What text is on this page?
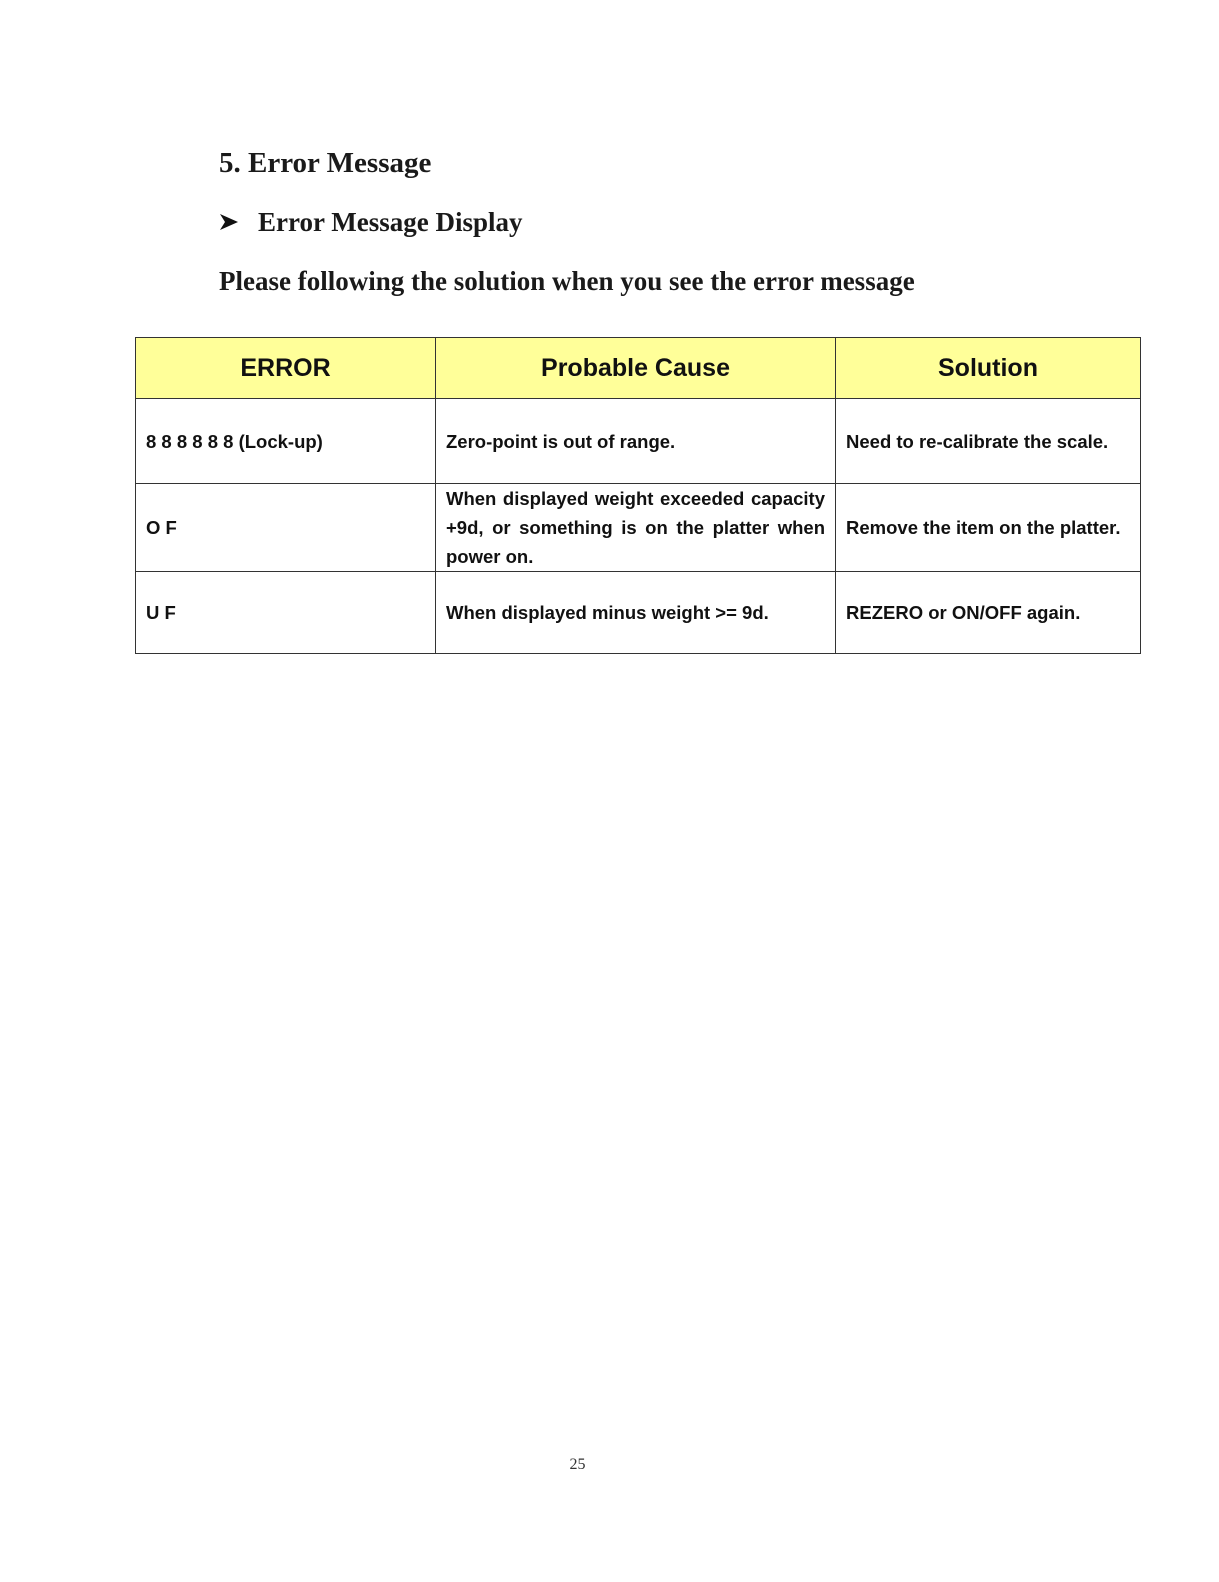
5. Error Message
Error Message Display

Please following the solution when you see the error message

ERROR	Probable Cause	Solution
8 8 8 8 8 8 (Lock-up)	Zero-point is out of range.	Need to re-calibrate the scale.
O F	When displayed weight exceeded capacity +9d, or something is on the platter when power on.	Remove the item on the platter.
U F	When displayed minus weight >= 9d.	REZERO or ON/OFF again.
25
